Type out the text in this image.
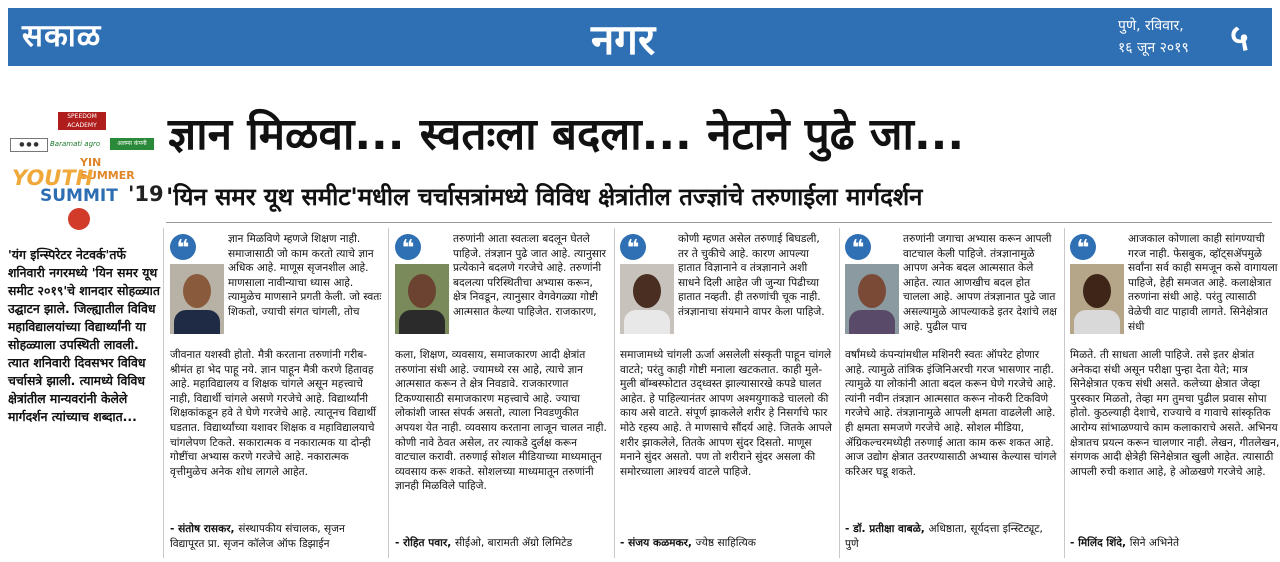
सकाळ	नगर	पुणे, रविवार,
१६ जून २०१९ ५
SPEEDOM ACADEMY
● ● ●	Baramati agro	अलम्स कंपनी
YIN SUMMER
YOUTH
SUMMIT '19
'यंग इन्स्पिरेटर नेटवर्क'तर्फे शनिवारी नगरमध्ये 'यिन समर यूथ समीट २०१९'चे शानदार सोहळ्यात उद्घाटन झाले. जिल्ह्यातील विविध महाविद्यालयांच्या विद्यार्थ्यांनी या सोहळ्याला उपस्थिती लावली. त्यात शनिवारी दिवसभर विविध चर्चासत्रे झाली. त्यामध्ये विविध क्षेत्रांतील मान्यवरांनी केलेले मार्गदर्शन त्यांच्याच शब्दात...
ज्ञान मिळवा... स्वतःला बदला... नेटाने पुढे जा...
'यिन समर यूथ समीट'मधील चर्चासत्रांमध्ये विविध क्षेत्रांतील तज्ज्ञांचे तरुणाईला मार्गदर्शन
❝	ज्ञान मिळविणे म्हणजे शिक्षण नाही. समाजासाठी जो काम करतो त्याचे ज्ञान अधिक आहे. माणूस सृजनशील आहे. माणसाला नावीन्याचा ध्यास आहे. त्यामुळेच माणसाने प्रगती केली. जो स्वतः शिकतो, ज्याची संगत चांगली, तोच
जीवनात यशस्वी होतो. मैत्री करताना तरुणांनी गरीब-श्रीमंत हा भेद पाहू नये. ज्ञान पाहून मैत्री करणे हितावह आहे. महाविद्यालय व शिक्षक चांगले असून महत्त्वाचे नाही, विद्यार्थी चांगले असणे गरजेचे आहे. विद्यार्थ्यांनी शिक्षकांकडून हवे ते घेणे गरजेचे आहे. त्यातूनच विद्यार्थी घडतात. विद्यार्थ्यांच्या यशावर शिक्षक व महाविद्यालयाचे चांगलेपण टिकते. सकारात्मक व नकारात्मक या दोन्ही गोष्टींचा अभ्यास करणे गरजेचे आहे. नकारात्मक वृत्तीमुळेच अनेक शोध लागले आहेत.
- संतोष रासकर, संस्थापकीय संचालक, सृजन विद्यापूरत प्रा. सृजन कॉलेज ऑफ डिझाईन
❝	तरुणांनी आता स्वतःला बदलून घेतले पाहिजे. तंत्रज्ञान पुढे जात आहे. त्यानुसार प्रत्येकाने बदलणे गरजेचे आहे. तरुणांनी बदलत्या परिस्थितीचा अभ्यास करून, क्षेत्र निवडून, त्यानुसार वेगवेगळ्या गोष्टी आत्मसात केल्या पाहिजेत. राजकारण,
कला, शिक्षण, व्यवसाय, समाजकारण आदी क्षेत्रांत तरुणांना संधी आहे. ज्यामध्ये रस आहे, त्याचे ज्ञान आत्मसात करून ते क्षेत्र निवडावे. राजकारणात टिकण्यासाठी समाजकारण महत्त्वाचे आहे. ज्याचा लोकांशी जास्त संपर्क असतो, त्याला निवडणुकीत अपयश येत नाही. व्यवसाय करताना लाजून चालत नाही. कोणी नावे ठेवत असेल, तर त्याकडे दुर्लक्ष करून वाटचाल करावी. तरुणाई सोशल मीडियाच्या माध्यमातून व्यवसाय करू शकते. सोशलच्या माध्यमातून तरुणांनी ज्ञानही मिळविले पाहिजे.
- रोहित पवार, सीईओ, बारामती ॲग्रो लिमिटेड
❝	कोणी म्हणत असेल तरुणाई बिघडली, तर ते चुकीचे आहे. कारण आपल्या हातात विज्ञानाने व तंत्रज्ञानाने अशी साधने दिली आहेत जी जुन्या पिढीच्या हातात नव्हती. ही तरुणांची चूक नाही. तंत्रज्ञानाचा संयमाने वापर केला पाहिजे.
समाजामध्ये चांगली ऊर्जा असलेली संस्कृती पाहून चांगले वाटते; परंतु काही गोष्टी मनाला खटकतात. काही मुले-मुली बॉम्बस्फोटात उद्ध्वस्त झाल्यासारखे कपडे घालत आहेत. हे पाहिल्यानंतर आपण अश्मयुगाकडे चाललो की काय असे वाटते. संपूर्ण झाकलेले शरीर हे निसर्गाचे फार मोठे रहस्य आहे. ते माणसाचे सौंदर्य आहे. जितके आपले शरीर झाकलेले, तितके आपण सुंदर दिसतो. माणूस मनाने सुंदर असतो. पण तो शरीराने सुंदर असला की समोरच्याला आश्चर्य वाटले पाहिजे.
- संजय कळमकर, ज्येष्ठ साहित्यिक
❝	तरुणांनी जगाचा अभ्यास करून आपली वाटचाल केली पाहिजे. तंत्रज्ञानामुळे आपण अनेक बदल आत्मसात केले आहेत. त्यात आणखीच बदल होत चालला आहे. आपण तंत्रज्ञानात पुढे जात असल्यामुळे आपल्याकडे इतर देशांचे लक्ष आहे. पुढील पाच
वर्षांमध्ये कंपन्यांमधील मशिनरी स्वतः ऑपरेट होणार आहे. त्यामुळे तांत्रिक इंजिनिअरची गरज भासणार नाही. त्यामुळे या लोकांनी आता बदल करून घेणे गरजेचे आहे. त्यांनी नवीन तंत्रज्ञान आत्मसात करून नोकरी टिकविणे गरजेचे आहे. तंत्रज्ञानामुळे आपली क्षमता वाढलेली आहे. ही क्षमता समजणे गरजेचे आहे. सोशल मीडिया, ॲग्रिकल्चरमध्येही तरुणाई आता काम करू शकत आहे. आज उद्योग क्षेत्रात उतरण्यासाठी अभ्यास केल्यास चांगले करिअर घडू शकते.
- डॉ. प्रतीक्षा वाबळे, अधिष्ठाता, सूर्यदत्ता इन्स्टिट्यूट, पुणे
❝	आजकाल कोणाला काही सांगण्याची गरज नाही. फेसबुक, व्हॉट्सॲपमुळे सर्वांना सर्व काही समजून कसे वागायला पाहिजे, हेही समजत आहे. कलाक्षेत्रात तरुणांना संधी आहे. परंतु त्यासाठी वेळेची वाट पाहावी लागते. सिनेक्षेत्रात संधी
मिळते. ती साधता आली पाहिजे. तसे इतर क्षेत्रांत अनेकदा संधी असून परीक्षा पुन्हा देता येते; मात्र सिनेक्षेत्रात एकच संधी असते. कलेच्या क्षेत्रात जेव्हा पुरस्कार मिळतो, तेव्हा मग तुमचा पुढील प्रवास सोपा होतो. कुठल्याही देशाचे, राज्याचे व गावाचे सांस्कृतिक आरोग्य सांभाळण्याचे काम कलाकाराचे असते. अभिनय क्षेत्रातच प्रयत्न करून चालणार नाही. लेखन, गीतलेखन, संगणक आदी क्षेत्रेही सिनेक्षेत्रात खुली आहेत. त्यासाठी आपली रुची कशात आहे, हे ओळखणे गरजेचे आहे.
- मिलिंद शिंदे, सिने अभिनेते
